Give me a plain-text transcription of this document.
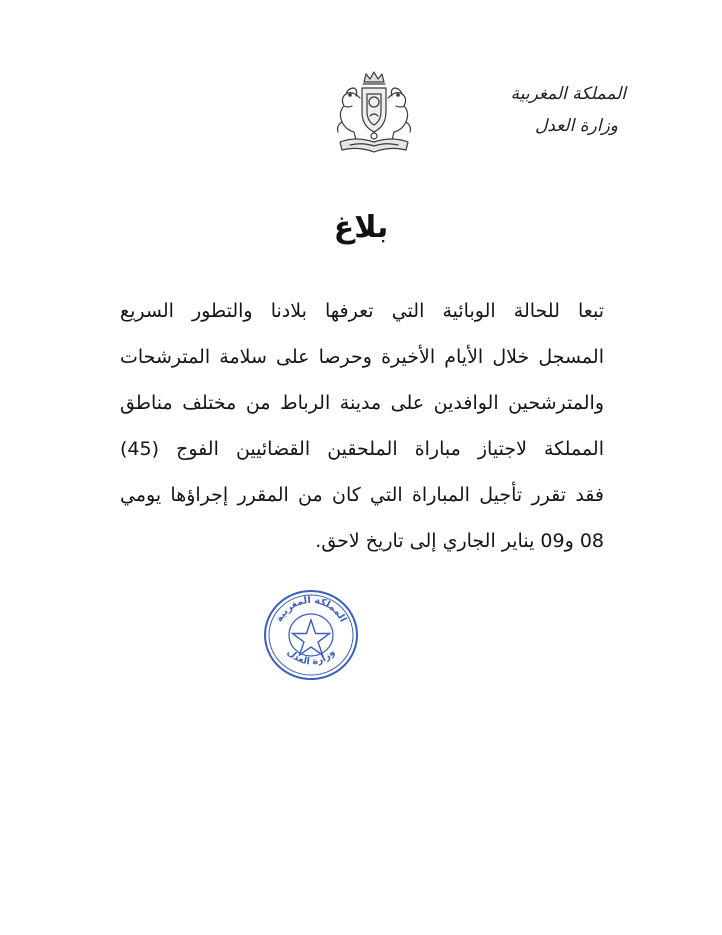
المملكة المغربية
وزارة العدل
بلاغ
تبعا للحالة الوبائية التي تعرفها بلادنا والتطور السريع
المسجل خلال الأيام الأخيرة وحرصا على سلامة المترشحات
والمترشحين الوافدين على مدينة الرباط من مختلف مناطق
المملكة لاجتياز مباراة الملحقين القضائيين الفوج (45)
فقد تقرر تأجيل المباراة التي كان من المقرر إجراؤها يومي
08 و09 يناير الجاري إلى تاريخ لاحق.
المملكة المغربية
وزارة العدل
